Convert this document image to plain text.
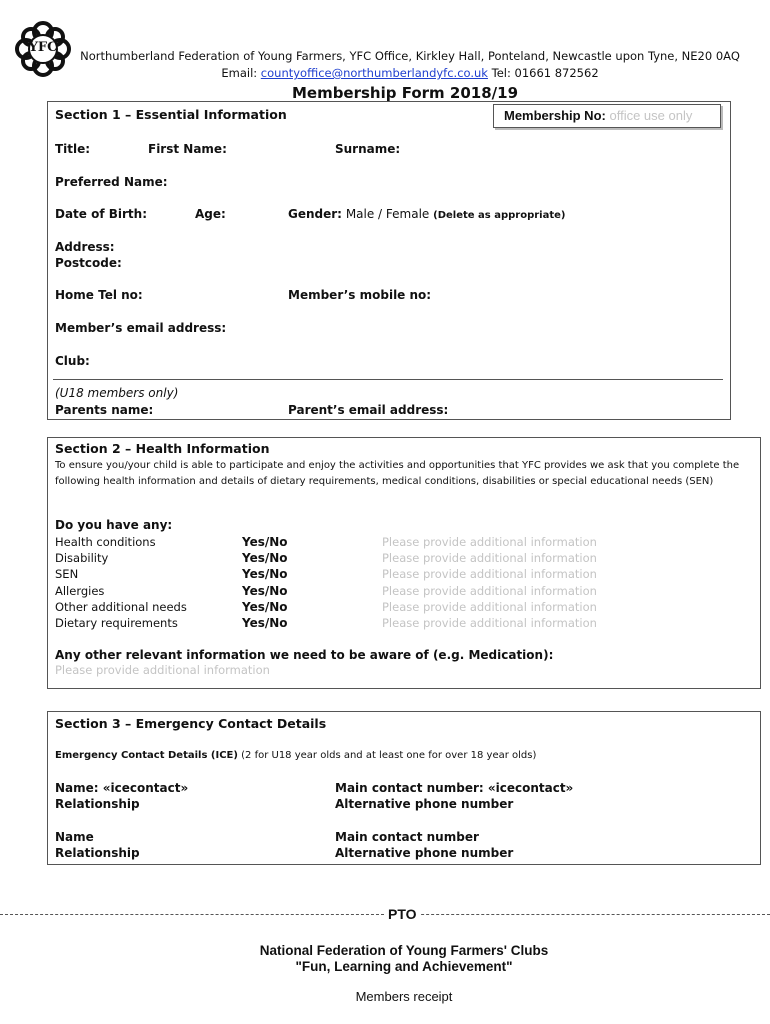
YFC
Northumberland Federation of Young Farmers, YFC Office, Kirkley Hall, Ponteland, Newcastle upon Tyne, NE20 0AQ
Email: countyoffice@northumberlandyfc.co.uk Tel: 01661 872562
Membership Form 2018/19
Section 1 – Essential Information	Membership No: office use only
Title:	First Name:	Surname:
Preferred Name:
Date of Birth:	Age:	Gender: Male / Female (Delete as appropriate)
Address:
Postcode:
Home Tel no:	Member’s mobile no:
Member’s email address:
Club:
(U18 members only)
Parents name:	Parent’s email address:
Section 2 – Health Information
To ensure you/your child is able to participate and enjoy the activities and opportunities that YFC provides we ask that you complete the following health information and details of dietary requirements, medical conditions, disabilities or special educational needs (SEN)
Do you have any:
Health conditions	Yes/No	Please provide additional information
Disability	Yes/No	Please provide additional information
SEN	Yes/No	Please provide additional information
Allergies	Yes/No	Please provide additional information
Other additional needs	Yes/No	Please provide additional information
Dietary requirements	Yes/No	Please provide additional information
Any other relevant information we need to be aware of (e.g. Medication):
Please provide additional information
Section 3 – Emergency Contact Details
Emergency Contact Details (ICE) (2 for U18 year olds and at least one for over 18 year olds)
Name: «icecontact»	Main contact number: «icecontact»
Relationship	Alternative phone number
Name	Main contact number
Relationship	Alternative phone number
PTO
National Federation of Young Farmers' Clubs
"Fun, Learning and Achievement"
Members receipt
